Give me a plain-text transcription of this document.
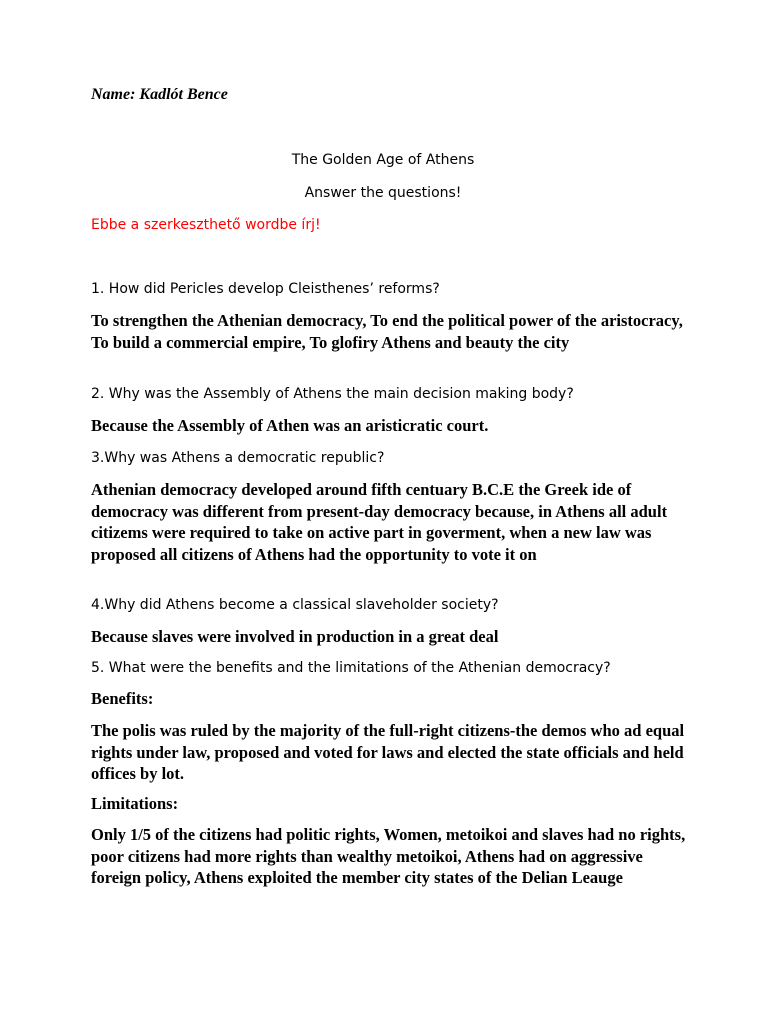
Name: Kadlót Bence
The Golden Age of Athens
Answer the questions!
Ebbe a szerkeszthető wordbe írj!
1. How did Pericles develop Cleisthenes’ reforms?
To strengthen the Athenian democracy, To end the political power of the aristocracy, To build a commercial empire, To glofiry Athens and beauty the city
2. Why was the Assembly of Athens the main decision making body?
Because the Assembly of Athen was an aristicratic court.
3.Why was Athens a democratic republic?
Athenian democracy developed around fifth centuary B.C.E the Greek ide of democracy was different from present-day democracy because, in Athens all adult citizems were required to take on active part in goverment, when a new law was proposed all citizens of Athens had the opportunity to vote it on
4.Why did Athens become a classical slaveholder society?
Because slaves were involved in production in a great deal
5. What were the benefits and the limitations of the Athenian democracy?
Benefits:
The polis was ruled by the majority of the full-right citizens-the demos who ad equal rights under law, proposed and voted for laws and elected the state officials and held offices by lot.
Limitations:
Only 1/5 of the citizens had politic rights, Women, metoikoi and slaves had no rights, poor citizens had more rights than wealthy metoikoi, Athens had on aggressive foreign policy, Athens exploited the member city states of the Delian Leauge
